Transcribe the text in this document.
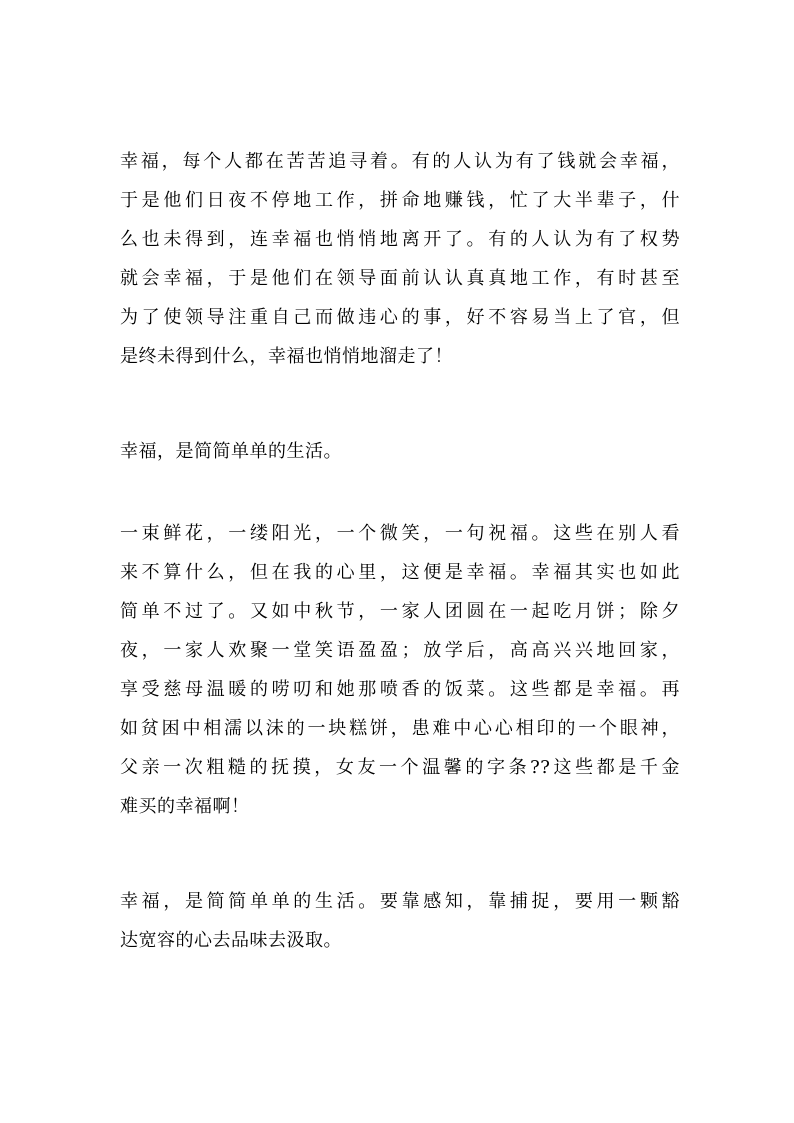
幸福，每个人都在苦苦追寻着。有的人认为有了钱就会幸福，
于是他们日夜不停地工作，拼命地赚钱，忙了大半辈子，什
么也未得到，连幸福也悄悄地离开了。有的人认为有了权势
就会幸福，于是他们在领导面前认认真真地工作，有时甚至
为了使领导注重自己而做违心的事，好不容易当上了官，但
是终未得到什么，幸福也悄悄地溜走了！
幸福，是简简单单的生活。
一束鲜花，一缕阳光，一个微笑，一句祝福。这些在别人看
来不算什么，但在我的心里，这便是幸福。幸福其实也如此
简单不过了。又如中秋节，一家人团圆在一起吃月饼；除夕
夜，一家人欢聚一堂笑语盈盈；放学后，高高兴兴地回家，
享受慈母温暖的唠叨和她那喷香的饭菜。这些都是幸福。再
如贫困中相濡以沫的一块糕饼，患难中心心相印的一个眼神，
父亲一次粗糙的抚摸，女友一个温馨的字条??这些都是千金
难买的幸福啊！
幸福，是简简单单的生活。要靠感知，靠捕捉，要用一颗豁
达宽容的心去品味去汲取。
